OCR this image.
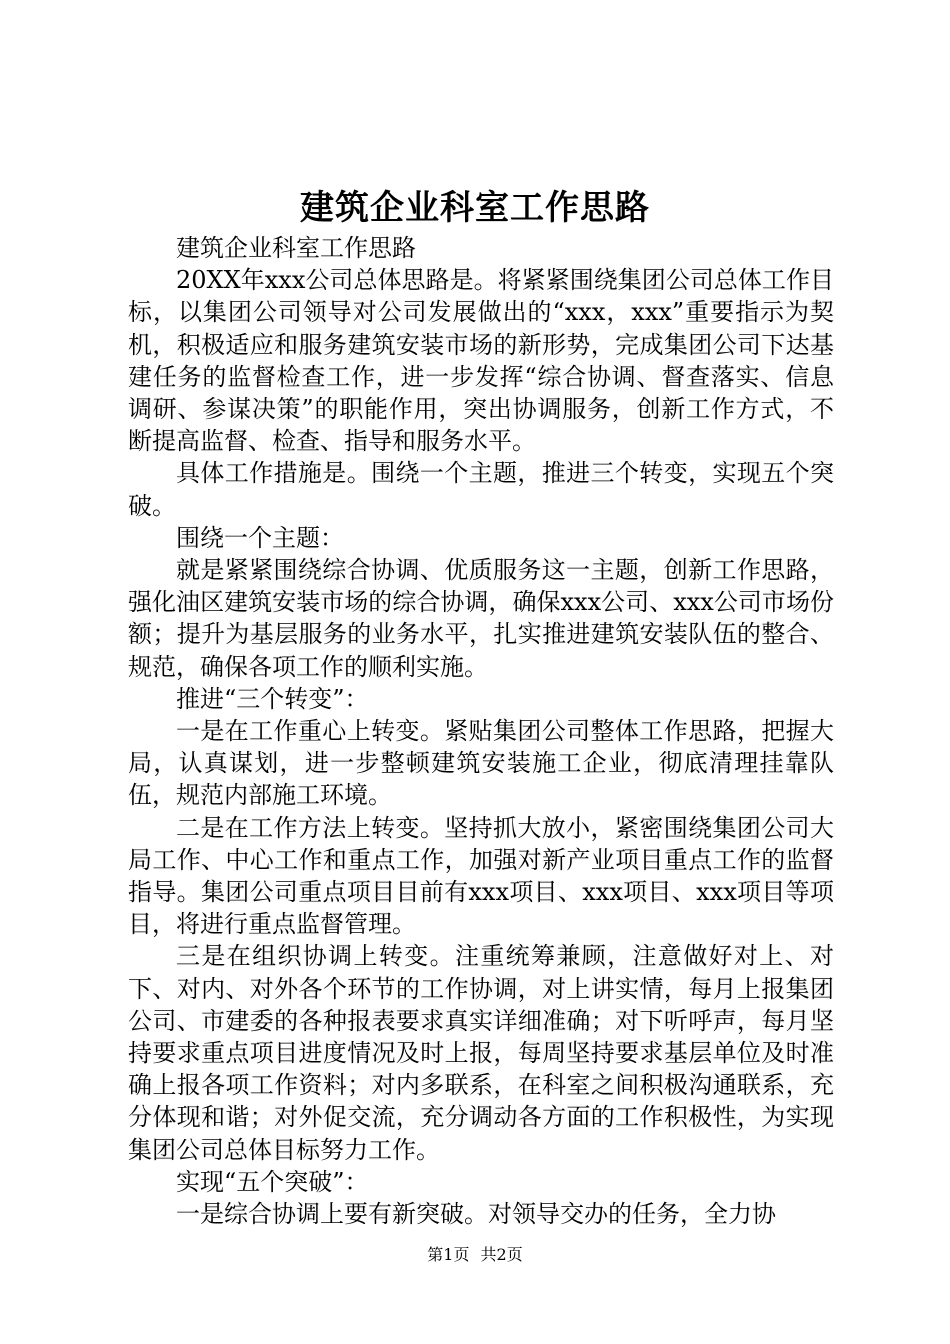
建筑企业科室工作思路

建筑企业科室工作思路

20XX年xxx公司总体思路是。将紧紧围绕集团公司总体工作目标，以集团公司领导对公司发展做出的“xxx，xxx”重要指示为契机，积极适应和服务建筑安装市场的新形势，完成集团公司下达基建任务的监督检查工作，进一步发挥“综合协调、督查落实、信息调研、参谋决策”的职能作用，突出协调服务，创新工作方式，不断提高监督、检查、指导和服务水平。

具体工作措施是。围绕一个主题，推进三个转变，实现五个突破。

围绕一个主题：

就是紧紧围绕综合协调、优质服务这一主题，创新工作思路，强化油区建筑安装市场的综合协调，确保xxx公司、xxx公司市场份额；提升为基层服务的业务水平，扎实推进建筑安装队伍的整合、规范，确保各项工作的顺利实施。

推进“三个转变”：

一是在工作重心上转变。紧贴集团公司整体工作思路，把握大局，认真谋划，进一步整顿建筑安装施工企业，彻底清理挂靠队伍，规范内部施工环境。

二是在工作方法上转变。坚持抓大放小，紧密围绕集团公司大局工作、中心工作和重点工作，加强对新产业项目重点工作的监督指导。集团公司重点项目目前有xxx项目、xxx项目、xxx项目等项目，将进行重点监督管理。

三是在组织协调上转变。注重统筹兼顾，注意做好对上、对下、对内、对外各个环节的工作协调，对上讲实情，每月上报集团公司、市建委的各种报表要求真实详细准确；对下听呼声，每月坚持要求重点项目进度情况及时上报，每周坚持要求基层单位及时准确上报各项工作资料；对内多联系，在科室之间积极沟通联系，充分体现和谐；对外促交流，充分调动各方面的工作积极性，为实现集团公司总体目标努力工作。

实现“五个突破”：

一是综合协调上要有新突破。对领导交办的任务，全力协

第1页 共2页
